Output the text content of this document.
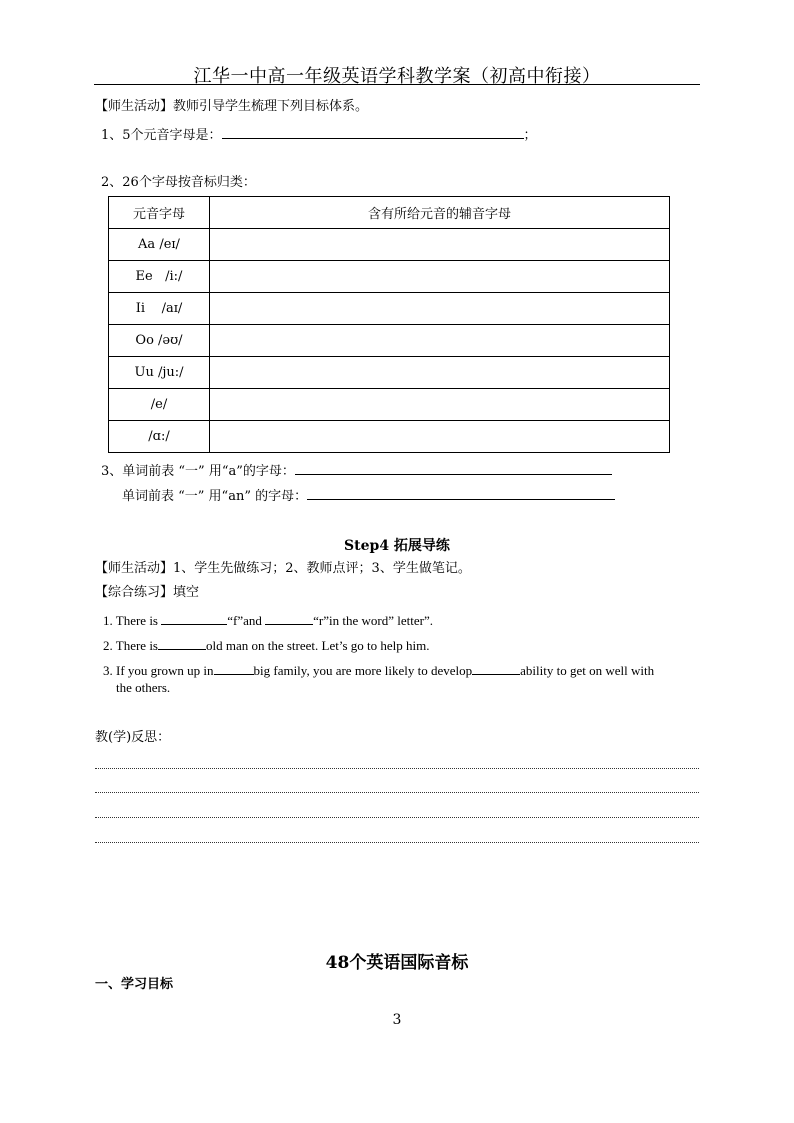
江华一中高一年级英语学科教学案（初高中衔接）
【师生活动】教师引导学生梳理下列目标体系。
1、5个元音字母是：	；
2、26个字母按音标归类：
元音字母	含有所给元音的辅音字母
Aa /eɪ/	
Ee   /i:/	
Ii    /aɪ/	
Oo /əʊ/	
Uu /ju:/	
/e/	
/ɑ:/	
3、单词前表 “一” 用“a”的字母：
单词前表 “一” 用“an” 的字母：
Step4 拓展导练
【师生活动】1、学生先做练习；2、教师点评；3、学生做笔记。
【综合练习】填空
1. There is	“f”and	“r”in the word” letter”.
2. There is	old man on the street. Let’s go to help him.
3. If you grown up in	big family, you are more likely to develop	ability to get on well with
the others.
教(学)反思：
48个英语国际音标
一、学习目标
3
